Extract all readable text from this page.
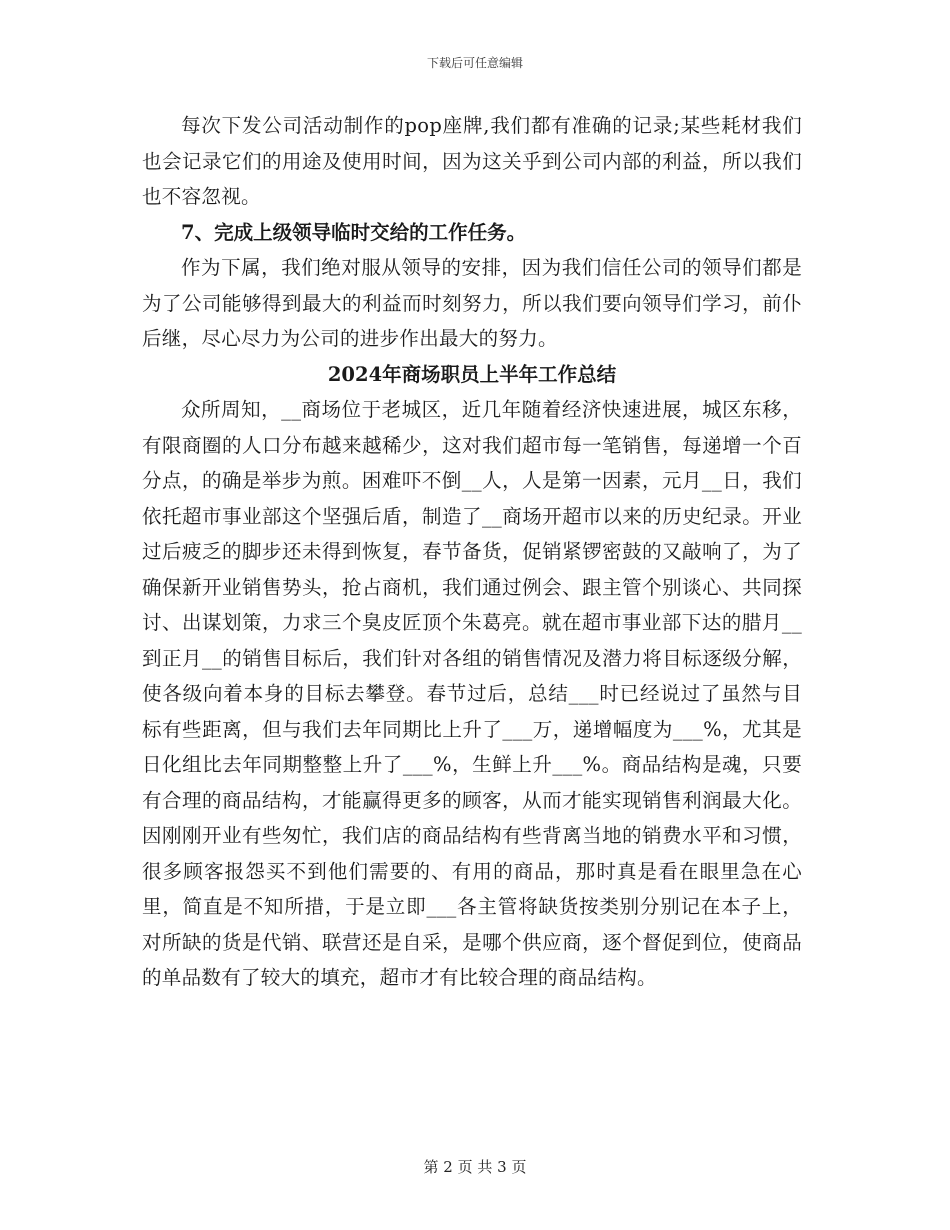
下载后可任意编辑

每次下发公司活动制作的pop座牌,我们都有准确的记录;某些耗材我们也会记录它们的用途及使用时间，因为这关乎到公司内部的利益，所以我们也不容忽视。

7、完成上级领导临时交给的工作任务。

作为下属，我们绝对服从领导的安排，因为我们信任公司的领导们都是为了公司能够得到最大的利益而时刻努力，所以我们要向领导们学习，前仆后继，尽心尽力为公司的进步作出最大的努力。

2024年商场职员上半年工作总结

众所周知，__商场位于老城区，近几年随着经济快速进展，城区东移，有限商圈的人口分布越来越稀少，这对我们超市每一笔销售，每递增一个百分点，的确是举步为煎。困难吓不倒__人，人是第一因素，元月__日，我们依托超市事业部这个坚强后盾，制造了__商场开超市以来的历史纪录。开业过后疲乏的脚步还未得到恢复，春节备货，促销紧锣密鼓的又敲响了，为了确保新开业销售势头，抢占商机，我们通过例会、跟主管个别谈心、共同探讨、出谋划策，力求三个臭皮匠顶个朱葛亮。就在超市事业部下达的腊月__到正月__的销售目标后，我们针对各组的销售情况及潜力将目标逐级分解，使各级向着本身的目标去攀登。春节过后，总结___时已经说过了虽然与目标有些距离，但与我们去年同期比上升了___万，递增幅度为___%，尤其是日化组比去年同期整整上升了___%，生鲜上升___%。商品结构是魂，只要有合理的商品结构，才能赢得更多的顾客，从而才能实现销售利润最大化。因刚刚开业有些匆忙，我们店的商品结构有些背离当地的销费水平和习惯，很多顾客报怨买不到他们需要的、有用的商品，那时真是看在眼里急在心里，简直是不知所措，于是立即___各主管将缺货按类别分别记在本子上，对所缺的货是代销、联营还是自采，是哪个供应商，逐个督促到位，使商品的单品数有了较大的填充，超市才有比较合理的商品结构。

第 2 页 共 3 页
